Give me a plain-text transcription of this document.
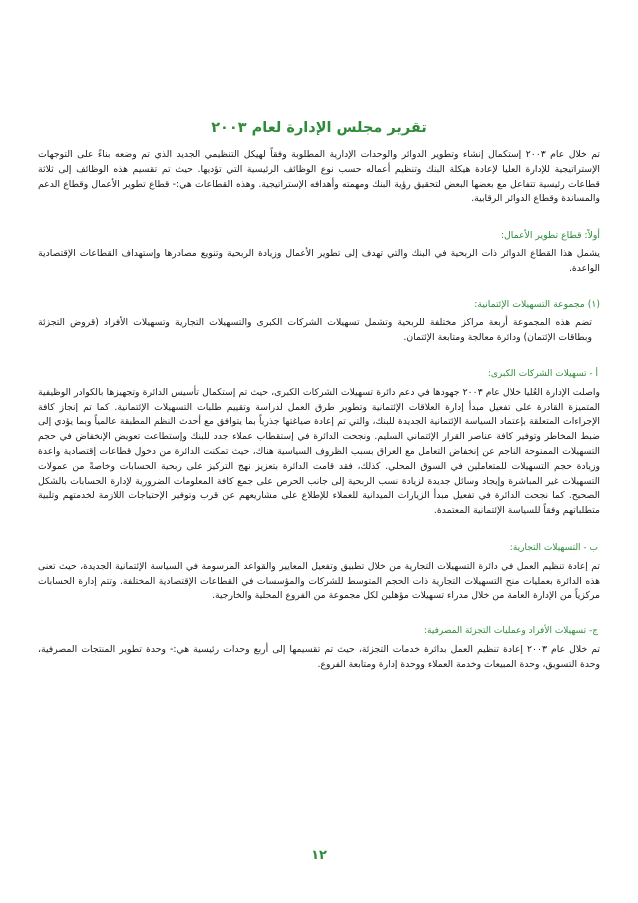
تقرير مجلس الإدارة لعام ٢٠٠٣

تم خلال عام ٢٠٠٣ إستكمال إنشاء وتطوير الدوائر والوحدات الإدارية المطلوبة وفقاً لهيكل التنظيمي الجديد الذي تم وضعه بناءً على التوجهات الإستراتيجية للإدارة العليا لإعادة هيكلة البنك وتنظيم أعماله حسب نوع الوظائف الرئيسية التي تؤديها. حيث تم تقسيم هذه الوظائف إلى ثلاثة قطاعات رئيسية تتفاعل مع بعضها البعض لتحقيق رؤية البنك ومهمته وأهدافه الإستراتيجية. وهذه القطاعات هي:- قطاع تطوير الأعمال وقطاع الدعم والمساندة وقطاع الدوائر الرقابية.

أولاً: قطاع تطوير الأعمال:

يشمل هذا القطاع الدوائر ذات الربحية في البنك والتي تهدف إلى تطوير الأعمال وزيادة الربحية وتنويع مصادرها وإستهداف القطاعات الإقتصادية الواعدة.

(١) مجموعة التسهيلات الإئتمانية:

تضم هذه المجموعة أربعة مراكز مختلفة للربحية وتشمل تسهيلات الشركات الكبرى والتسهيلات التجارية وتسهيلات الأفراد (قروض التجزئة وبطاقات الإئتمان) ودائرة معالجة ومتابعة الإئتمان.

أ - تسهيلات الشركات الكبرى:

واصلت الإدارة العُليا خلال عام ٢٠٠٣ جهودها في دعم دائرة تسهيلات الشركات الكبرى، حيث تم إستكمال تأسيس الدائرة وتجهيزها بالكوادر الوظيفية المتميزة القادرة على تفعيل مبدأ إدارة العلاقات الإئتمانية وتطوير طرق العمل لدراسة وتقييم طلبات التسهيلات الإئتمانية. كما تم إنجاز كافة الإجراءات المتعلقة بإعتماد السياسة الإئتمانية الجديدة للبنك، والتي تم إعادة صياغتها جذرياً بما يتوافق مع أحدث النظم المطبقة عالمياً وبما يؤدي إلى ضبط المخاطر وتوفير كافة عناصر القرار الإئتماني السليم. ونجحت الدائرة في إستقطاب عملاء جدد للبنك وإستطاعت تعويض الإنخفاض في حجم التسهيلات الممنوحة الناجم عن إنخفاض التعامل مع العراق بسبب الظروف السياسية هناك، حيث تمكنت الدائرة من دخول قطاعات إقتصادية واعدة وزيادة حجم التسهيلات للمتعاملين في السوق المحلي. كذلك، فقد قامت الدائرة بتعزيز نهج التركيز على ربحية الحسابات وخاصةً من عمولات التسهيلات غير المباشرة وإيجاد وسائل جديدة لزيادة نسب الربحية إلى جانب الحرص على جمع كافة المعلومات الضرورية لإدارة الحسابات بالشكل الصحيح. كما نجحت الدائرة في تفعيل مبدأ الزيارات الميدانية للعملاء للإطلاع على مشاريعهم عن قرب وتوفير الإحتياجات اللازمة لخدمتهم وتلبية متطلباتهم وفقاً للسياسة الإئتمانية المعتمدة.

ب - التسهيلات التجارية:

تم إعادة تنظيم العمل في دائرة التسهيلات التجارية من خلال تطبيق وتفعيل المعايير والقواعد المرسومة في السياسة الإئتمانية الجديدة، حيث تعنى هذه الدائرة بعمليات منح التسهيلات التجارية ذات الحجم المتوسط للشركات والمؤسسات في القطاعات الإقتصادية المختلفة. وتتم إدارة الحسابات مركزياً من الإدارة العامة من خلال مدراء تسهيلات مؤهلين لكل مجموعة من الفروع المحلية والخارجية.

ج- تسهيلات الأفراد وعمليات التجزئة المصرفية:

تم خلال عام ٢٠٠٣ إعادة تنظيم العمل بدائرة خدمات التجزئة، حيث تم تقسيمها إلى أربع وحدات رئيسية هي:- وحدة تطوير المنتجات المصرفية، وحدة التسويق، وحدة المبيعات وخدمة العملاء ووحدة إدارة ومتابعة الفروع.

١٢
